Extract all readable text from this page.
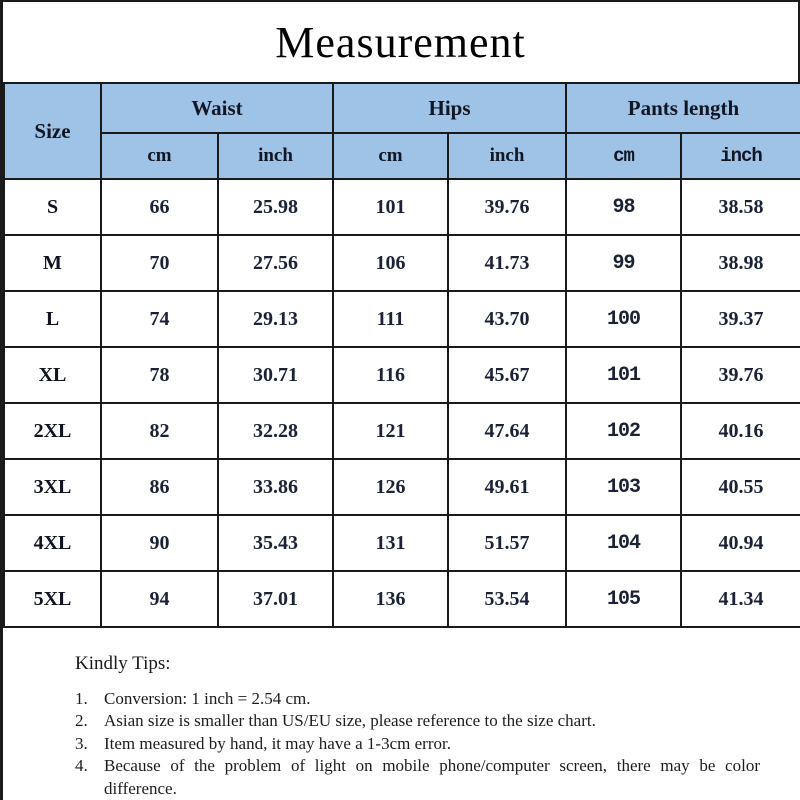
Measurement
Size	Waist		Hips		Pants length	
	cm	inch	cm	inch	cm	inch
S	66	25.98	101	39.76	98	38.58
M	70	27.56	106	41.73	99	38.98
L	74	29.13	111	43.70	100	39.37
XL	78	30.71	116	45.67	101	39.76
2XL	82	32.28	121	47.64	102	40.16
3XL	86	33.86	126	49.61	103	40.55
4XL	90	35.43	131	51.57	104	40.94
5XL	94	37.01	136	53.54	105	41.34

Kindly Tips:

1. Conversion: 1 inch = 2.54 cm.
2. Asian size is smaller than US/EU size, please reference to the size chart.
3. Item measured by hand, it may have a 1-3cm error.
4. Because of the problem of light on mobile phone/computer screen, there may be color difference.
